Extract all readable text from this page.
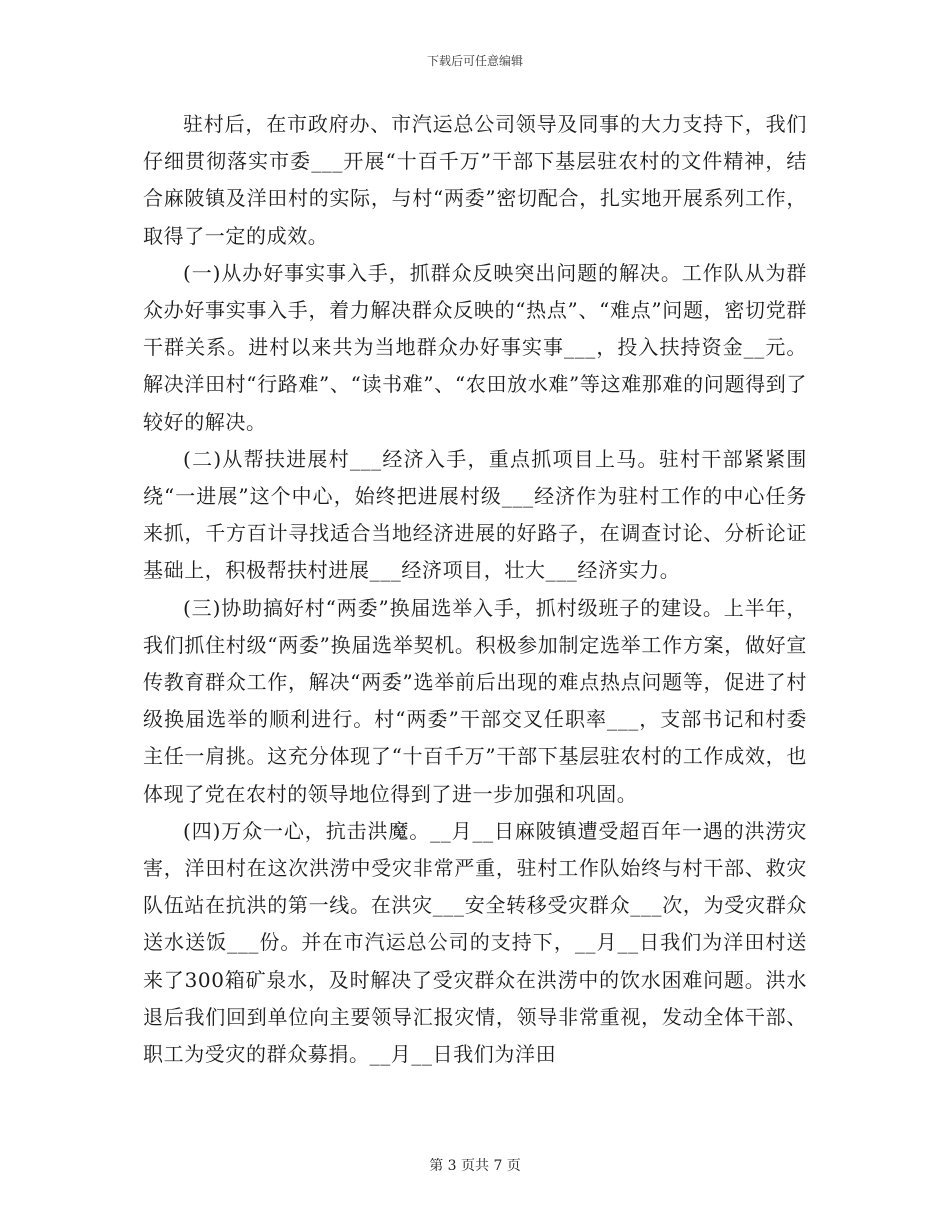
下载后可任意编辑

驻村后，在市政府办、市汽运总公司领导及同事的大力支持下，我们仔细贯彻落实市委___开展“十百千万”干部下基层驻农村的文件精神，结合麻陂镇及洋田村的实际，与村“两委”密切配合，扎实地开展系列工作，取得了一定的成效。

(一)从办好事实事入手，抓群众反映突出问题的解决。工作队从为群众办好事实事入手，着力解决群众反映的“热点”、“难点”问题，密切党群干群关系。进村以来共为当地群众办好事实事___，投入扶持资金__元。解决洋田村“行路难”、“读书难”、“农田放水难”等这难那难的问题得到了较好的解决。

(二)从帮扶进展村___经济入手，重点抓项目上马。驻村干部紧紧围绕“一进展”这个中心，始终把进展村级___经济作为驻村工作的中心任务来抓，千方百计寻找适合当地经济进展的好路子，在调查讨论、分析论证基础上，积极帮扶村进展___经济项目，壮大___经济实力。

(三)协助搞好村“两委”换届选举入手，抓村级班子的建设。上半年，我们抓住村级“两委”换届选举契机。积极参加制定选举工作方案，做好宣传教育群众工作，解决“两委”选举前后出现的难点热点问题等，促进了村级换届选举的顺利进行。村“两委”干部交叉任职率___，支部书记和村委主任一肩挑。这充分体现了“十百千万”干部下基层驻农村的工作成效，也体现了党在农村的领导地位得到了进一步加强和巩固。

(四)万众一心，抗击洪魔。__月__日麻陂镇遭受超百年一遇的洪涝灾害，洋田村在这次洪涝中受灾非常严重，驻村工作队始终与村干部、救灾队伍站在抗洪的第一线。在洪灾___安全转移受灾群众___次，为受灾群众送水送饭___份。并在市汽运总公司的支持下，__月__日我们为洋田村送来了300箱矿泉水，及时解决了受灾群众在洪涝中的饮水困难问题。洪水退后我们回到单位向主要领导汇报灾情，领导非常重视，发动全体干部、职工为受灾的群众募捐。__月__日我们为洋田

第 3 页共 7 页
